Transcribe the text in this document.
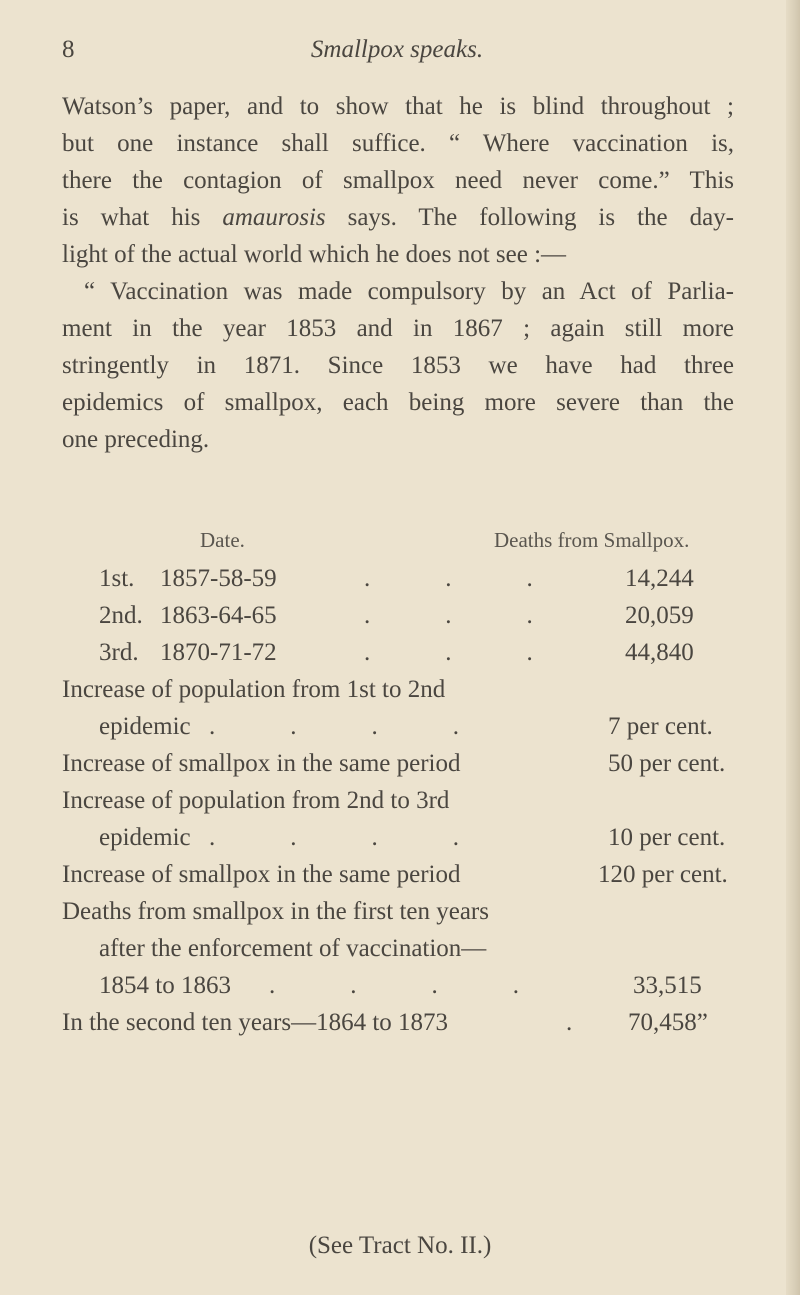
8	Smallpox speaks.
Watson’s paper, and to show that he is blind throughout ;
but one instance shall suffice. “ Where vaccination is,
there the contagion of smallpox need never come.” This
is what his amaurosis says. The following is the day-
light of the actual world which he does not see :—
“ Vaccination was made compulsory by an Act of Parlia-
ment in the year 1853 and in 1867 ; again still more
stringently in 1871. Since 1853 we have had three
epidemics of smallpox, each being more severe than the
one preceding.
Date.	Deaths from Smallpox.
1st. 1857-58-59	.   .   .	14,244
2nd. 1863-64-65	.   .   .	20,059
3rd. 1870-71-72	.   .   .	44,840
Increase of population from 1st to 2nd
epidemic .   .   .   .	7 per cent.
Increase of smallpox in the same period	50 per cent.
Increase of population from 2nd to 3rd
epidemic .   .   .   .	10 per cent.
Increase of smallpox in the same period	120 per cent.
Deaths from smallpox in the first ten years
after the enforcement of vaccination—
1854 to 1863 .   .   .   .	33,515
In the second ten years—1864 to 1873	. 70,458”
(See Tract No. II.)
